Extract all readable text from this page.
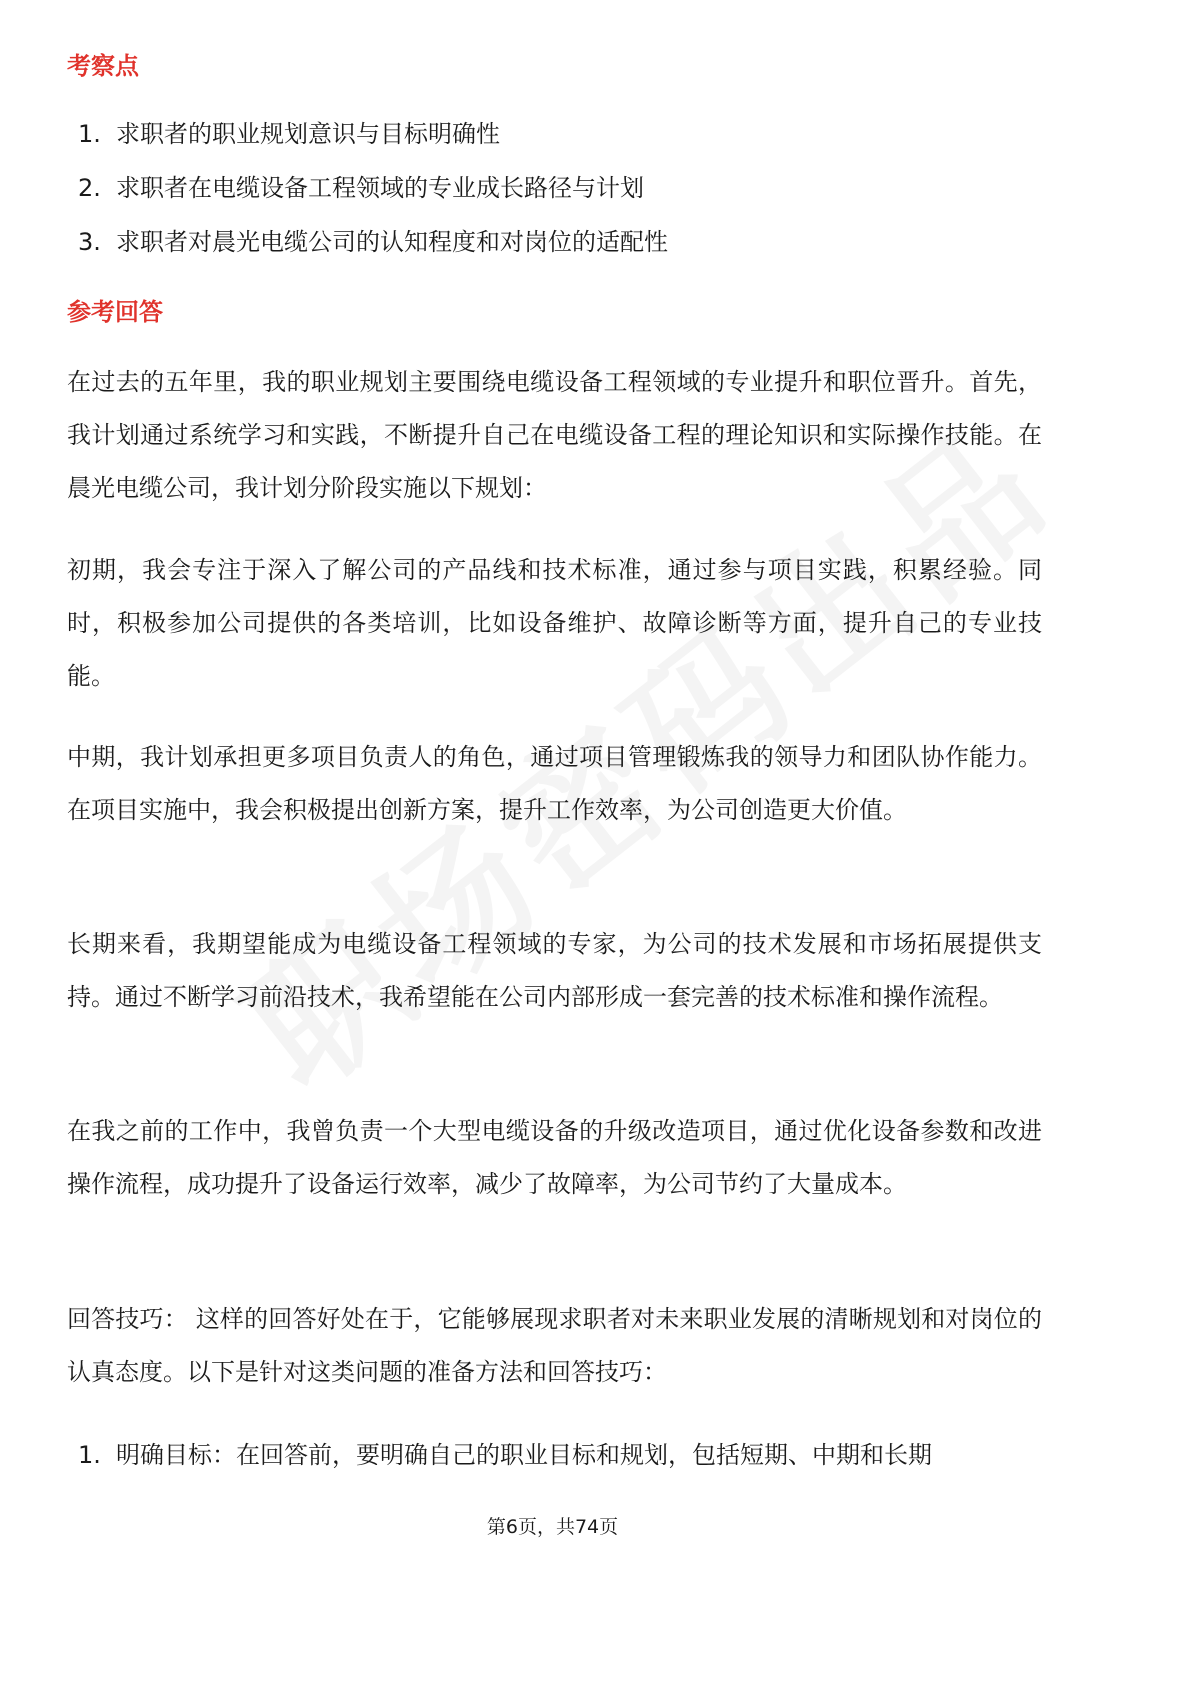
考察点
1. 求职者的职业规划意识与目标明确性
2. 求职者在电缆设备工程领域的专业成长路径与计划
3. 求职者对晨光电缆公司的认知程度和对岗位的适配性
参考回答
在过去的五年里，我的职业规划主要围绕电缆设备工程领域的专业提升和职位晋升。首先，我计划通过系统学习和实践，不断提升自己在电缆设备工程的理论知识和实际操作技能。在晨光电缆公司，我计划分阶段实施以下规划：
初期，我会专注于深入了解公司的产品线和技术标准，通过参与项目实践，积累经验。同时，积极参加公司提供的各类培训，比如设备维护、故障诊断等方面，提升自己的专业技能。
中期，我计划承担更多项目负责人的角色，通过项目管理锻炼我的领导力和团队协作能力。在项目实施中，我会积极提出创新方案，提升工作效率，为公司创造更大价值。
长期来看，我期望能成为电缆设备工程领域的专家，为公司的技术发展和市场拓展提供支持。通过不断学习前沿技术，我希望能在公司内部形成一套完善的技术标准和操作流程。
在我之前的工作中，我曾负责一个大型电缆设备的升级改造项目，通过优化设备参数和改进操作流程，成功提升了设备运行效率，减少了故障率，为公司节约了大量成本。
回答技巧： 这样的回答好处在于，它能够展现求职者对未来职业发展的清晰规划和对岗位的认真态度。以下是针对这类问题的准备方法和回答技巧：
1. 明确目标：在回答前，要明确自己的职业目标和规划，包括短期、中期和长期
第6页，共74页
